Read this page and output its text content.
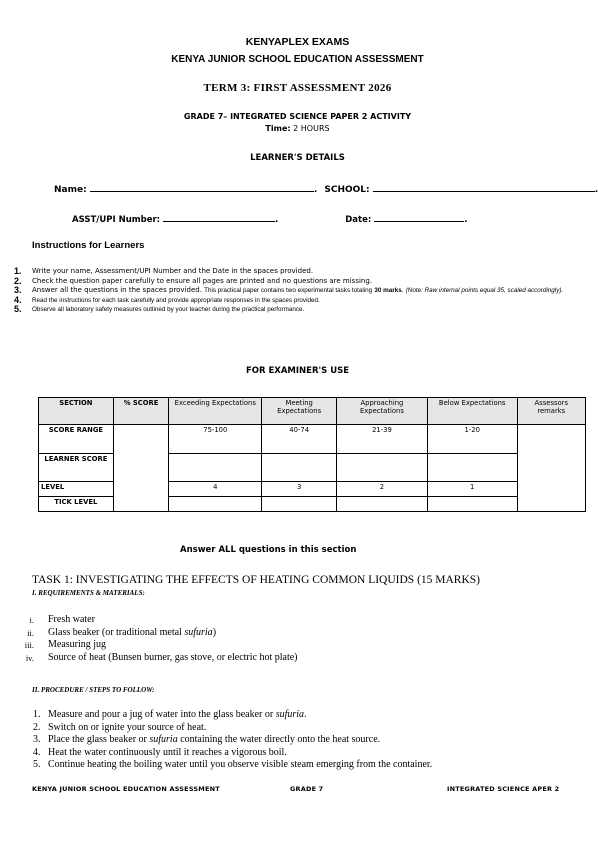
KENYAPLEX EXAMS
KENYA JUNIOR SCHOOL EDUCATION ASSESSMENT
TERM 3: FIRST ASSESSMENT 2026
GRADE 7– INTEGRATED SCIENCE PAPER 2 ACTIVITY
Time: 2 HOURS
LEARNER'S DETAILS
Name:	. SCHOOL:	.
ASST/UPI Number:	.	Date:	.
Instructions for Learners
1. Write your name, Assessment/UPI Number and the Date in the spaces provided.
2. Check the question paper carefully to ensure all pages are printed and no questions are missing.
3. Answer all the questions in the spaces provided. This practical paper contains two experimental tasks totaling 30 marks. (Note: Raw internal points equal 35, scaled accordingly).
4. Read the instructions for each task carefully and provide appropriate responses in the spaces provided.
5. Observe all laboratory safety measures outlined by your teacher during the practical performance.
FOR EXAMINER'S USE
SECTION	% SCORE	Exceeding Expectations	Meeting Expectations	Approaching Expectations	Below Expectations	Assessors remarks
SCORE RANGE		75-100	40-74	21-39	1-20	
LEARNER SCORE						
LEVEL		4	3	2	1	
TICK LEVEL						
Answer ALL questions in this section
TASK 1: INVESTIGATING THE EFFECTS OF HEATING COMMON LIQUIDS (15 MARKS)
I. REQUIREMENTS & MATERIALS:
i. Fresh water
ii. Glass beaker (or traditional metal sufuria)
iii. Measuring jug
iv. Source of heat (Bunsen burner, gas stove, or electric hot plate)
II. PROCEDURE / STEPS TO FOLLOW:
1. Measure and pour a jug of water into the glass beaker or sufuria.
2. Switch on or ignite your source of heat.
3. Place the glass beaker or sufuria containing the water directly onto the heat source.
4. Heat the water continuously until it reaches a vigorous boil.
5. Continue heating the boiling water until you observe visible steam emerging from the container.
KENYA JUNIOR SCHOOL EDUCATION ASSESSMENT	GRADE 7	INTEGRATED SCIENCE APER 2
